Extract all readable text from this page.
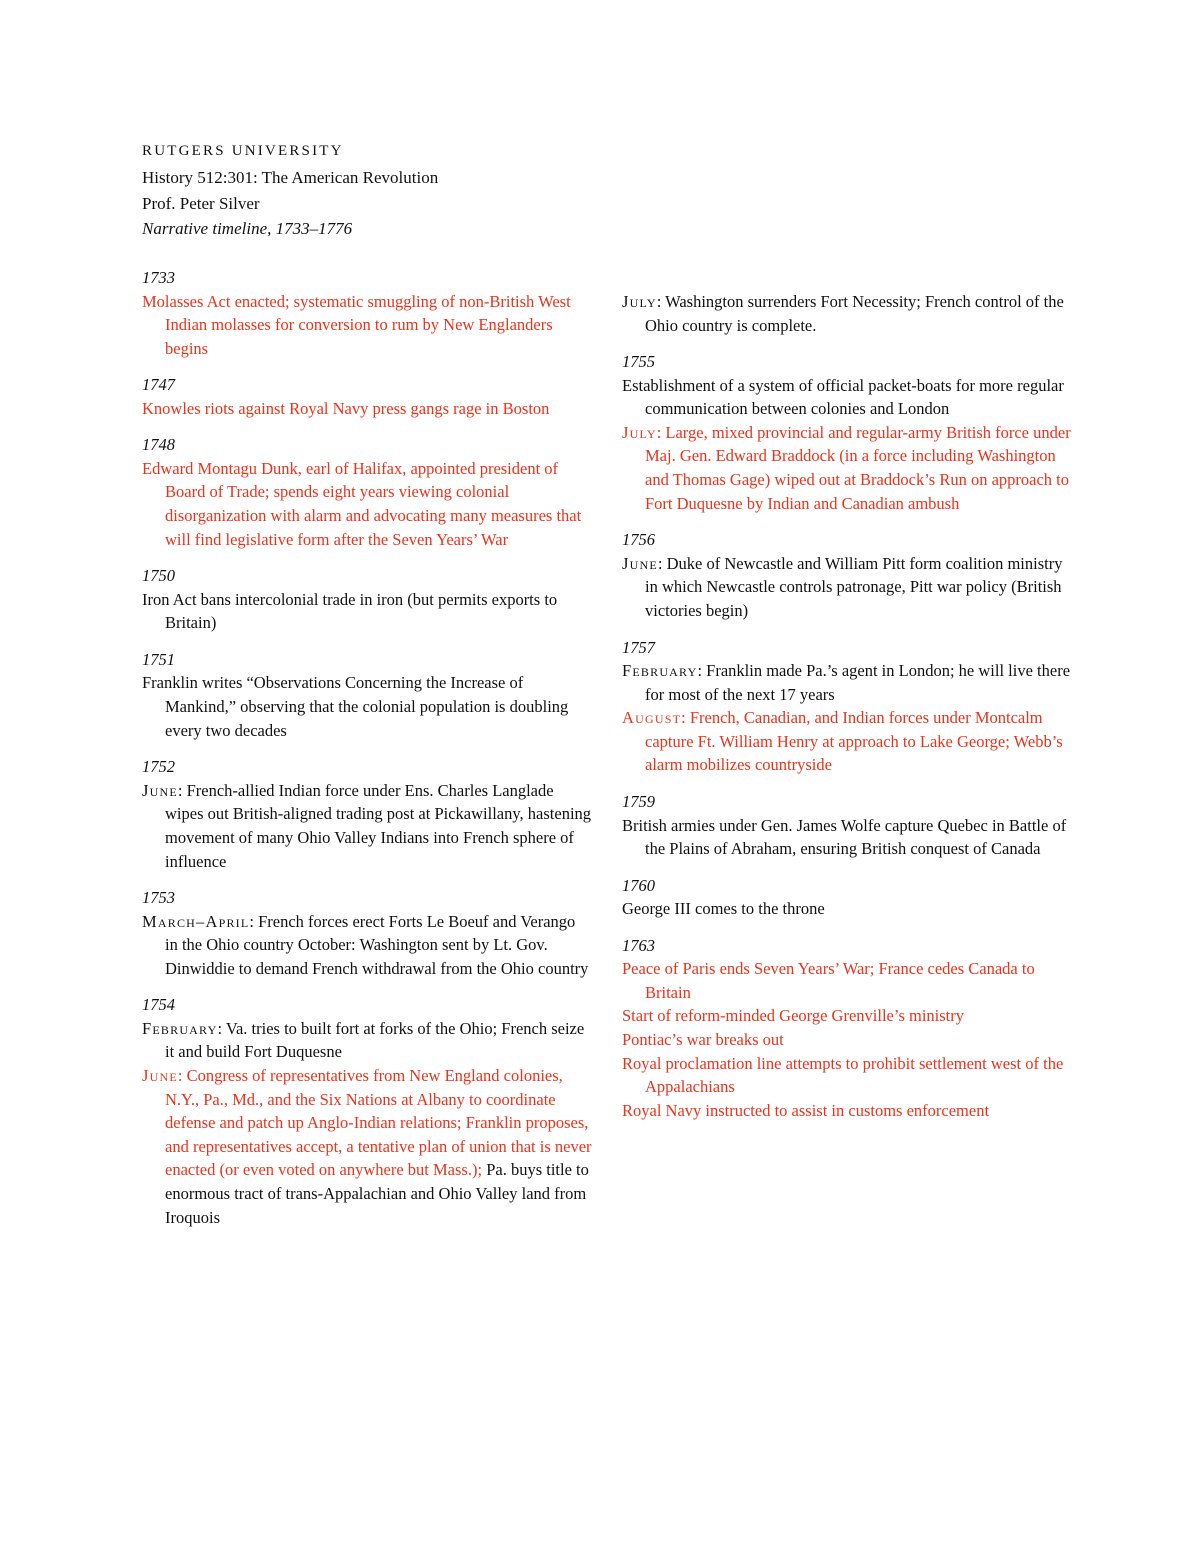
RUTGERS UNIVERSITY
History 512:301: The American Revolution
Prof. Peter Silver
Narrative timeline, 1733–1776
1733
Molasses Act enacted; systematic smuggling of non-British West Indian molasses for conversion to rum by New Englanders begins
1747
Knowles riots against Royal Navy press gangs rage in Boston
1748
Edward Montagu Dunk, earl of Halifax, appointed president of Board of Trade; spends eight years viewing colonial disorganization with alarm and advocating many measures that will find legislative form after the Seven Years’ War
1750
Iron Act bans intercolonial trade in iron (but permits exports to Britain)
1751
Franklin writes “Observations Concerning the Increase of Mankind,” observing that the colonial population is doubling every two decades
1752
June: French-allied Indian force under Ens. Charles Langlade wipes out British-aligned trading post at Pickawillany, hastening movement of many Ohio Valley Indians into French sphere of influence
1753
March–April: French forces erect Forts Le Boeuf and Verango in the Ohio country October: Washington sent by Lt. Gov. Dinwiddie to demand French withdrawal from the Ohio country
1754
February: Va. tries to built fort at forks of the Ohio; French seize it and build Fort Duquesne
June: Congress of representatives from New England colonies, N.Y., Pa., Md., and the Six Nations at Albany to coordinate defense and patch up Anglo-Indian relations; Franklin proposes, and representatives accept, a tentative plan of union that is never enacted (or even voted on anywhere but Mass.); Pa. buys title to enormous tract of trans-Appalachian and Ohio Valley land from Iroquois
July: Washington surrenders Fort Necessity; French control of the Ohio country is complete.
1755
Establishment of a system of official packet-boats for more regular communication between colonies and London
July: Large, mixed provincial and regular-army British force under Maj. Gen. Edward Braddock (in a force including Washington and Thomas Gage) wiped out at Braddock’s Run on approach to Fort Duquesne by Indian and Canadian ambush
1756
June: Duke of Newcastle and William Pitt form coalition ministry in which Newcastle controls patronage, Pitt war policy (British victories begin)
1757
February: Franklin made Pa.’s agent in London; he will live there for most of the next 17 years
August: French, Canadian, and Indian forces under Montcalm capture Ft. William Henry at approach to Lake George; Webb’s alarm mobilizes countryside
1759
British armies under Gen. James Wolfe capture Quebec in Battle of the Plains of Abraham, ensuring British conquest of Canada
1760
George III comes to the throne
1763
Peace of Paris ends Seven Years’ War; France cedes Canada to Britain
Start of reform-minded George Grenville’s ministry
Pontiac’s war breaks out
Royal proclamation line attempts to prohibit settlement west of the Appalachians
Royal Navy instructed to assist in customs enforcement
